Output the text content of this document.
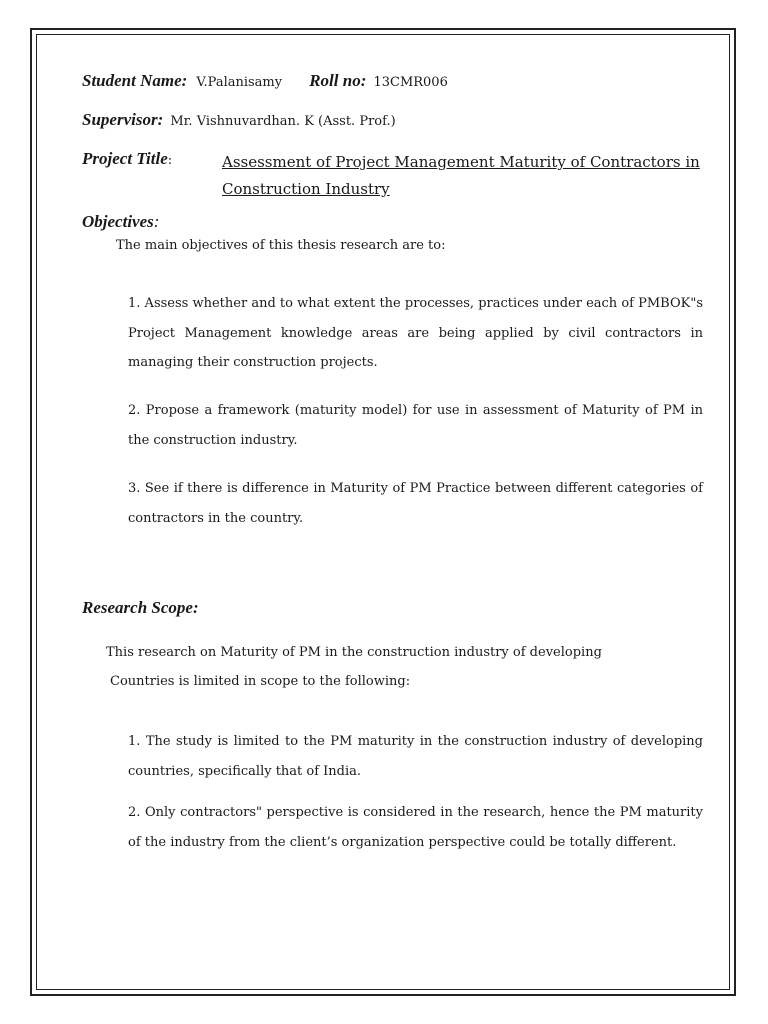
Student Name: V.Palanisamy Roll no: 13CMR006
Supervisor: Mr. Vishnuvardhan. K (Asst. Prof.)
Project Title:	Assessment of Project Management Maturity of Contractors in Construction Industry
Objectives:
The main objectives of this thesis research are to:
1. Assess whether and to what extent the processes, practices under each of PMBOK"s Project Management knowledge areas are being applied by civil contractors in managing their construction projects.
2. Propose a framework (maturity model) for use in assessment of Maturity of PM in the construction industry.
3. See if there is difference in Maturity of PM Practice between different categories of contractors in the country.
Research Scope:
This research on Maturity of PM in the construction industry of developing
Countries is limited in scope to the following:
1. The study is limited to the PM maturity in the construction industry of developing countries, specifically that of India.
2. Only contractors" perspective is considered in the research, hence the PM maturity of the industry from the client’s organization perspective could be totally different.
